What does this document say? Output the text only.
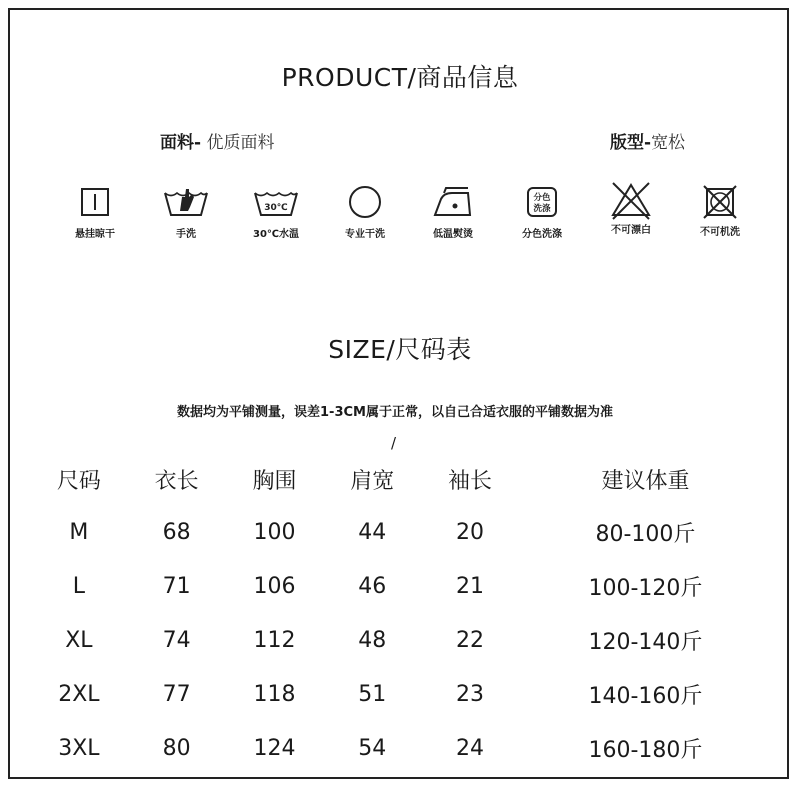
PRODUCT/商品信息
面料- 优质面料	版型-宽松
悬挂晾干	手洗
30℃
30℃水温	专业干洗	低温熨烫
分色
洗涤
分色洗涤	不可漂白	不可机洗
SIZE/尺码表
数据均为平铺测量，误差1-3CM属于正常，以自己合适衣服的平铺数据为准
/
尺码	衣长	胸围	肩宽	袖长	建议体重
M	68	100	44	20	80-100斤
L	71	106	46	21	100-120斤
XL	74	112	48	22	120-140斤
2XL	77	118	51	23	140-160斤
3XL	80	124	54	24	160-180斤
